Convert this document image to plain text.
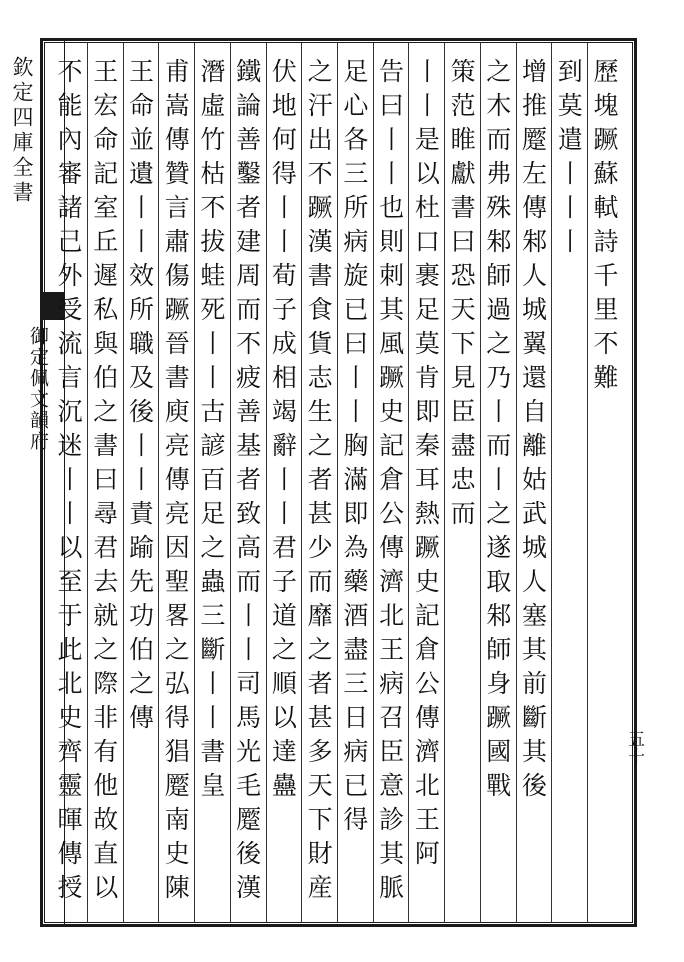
欽定四庫全書
御定佩文韻府
五十
歷塊蹶蘇軾詩千里不難
到莫遣丨丨丨
增推蹷左傳邾人城翼還自離姑武城人塞其前斷其後
之木而弗殊邾師過之乃丨而丨之遂取邾師身蹶國戰
策范睢獻書曰恐天下見臣盡忠而
丨丨是以杜口裹足莫肯即秦耳熱蹶史記倉公傳濟北王阿
告曰丨丨也則刺其風蹶史記倉公傳濟北王病召臣意診其脈
足心各三所病旋已曰丨丨胸滿即為藥酒盡三日病已得
之汗出不蹶漢書食貨志生之者甚少而靡之者甚多天下財産
伏地何得丨丨荀子成相竭辭丨丨君子道之順以達蠱
鐵論善鑿者建周而不疲善基者致高而丨丨司馬光毛蹷後漢
潛虛竹枯不拔蛙死丨丨古諺百足之蟲三斷丨丨書皇
甫嵩傳贊言肅傷蹶晉書庾亮傳亮因聖畧之弘得猖蹷南史陳
王命並遺丨丨效所職及後丨丨責踰先功伯之傳
王宏命記室丘遲私與伯之書曰尋君去就之際非有他故直以
不能內審諸己外受流言沉迷丨丨以至于此北史齊靈暉傳授
